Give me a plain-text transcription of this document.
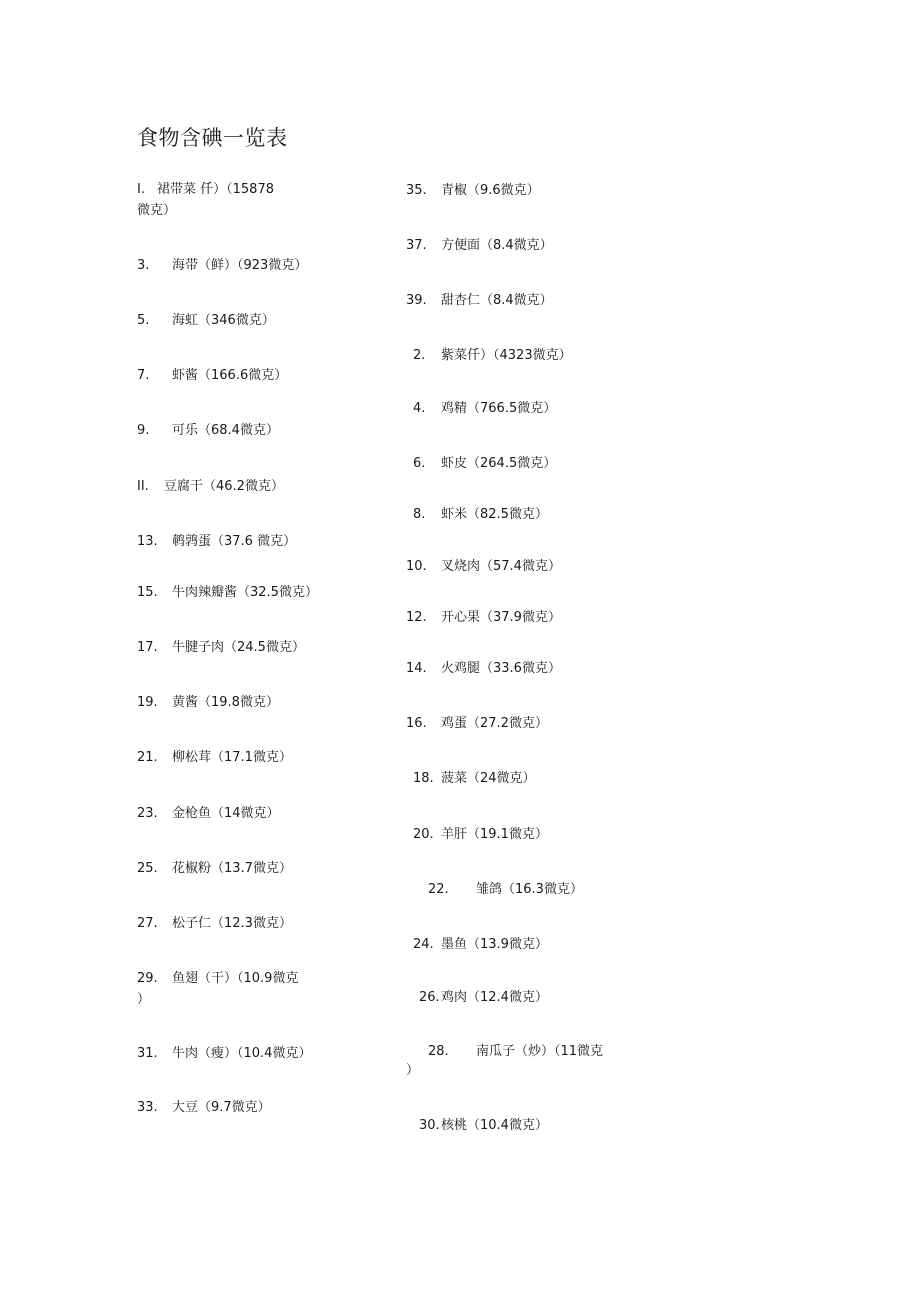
食物含碘一览表
I. 裙带菜 仟）（15878
微克）
3. 海带（鲜）（923微克）
5. 海虹（346微克）
7. 虾酱（166.6微克）
9. 可乐（68.4微克）
II. 豆腐干（46.2微克）
13. 鹌鹑蛋（37.6 微克）
15. 牛肉辣瓣酱（32.5微克）
17. 牛腱子肉（24.5微克）
19. 黄酱（19.8微克）
21. 柳松茸（17.1微克）
23. 金枪鱼（14微克）
25. 花椒粉（13.7微克）
27. 松子仁（12.3微克）
29. 鱼翅（干）（10.9微克
）
31. 牛肉（瘦）（10.4微克）
33. 大豆（9.7微克）
35. 青椒（9.6微克）
37. 方便面（8.4微克）
39. 甜杏仁（8.4微克）
2. 紫菜仟）（4323微克）
4. 鸡精（766.5微克）
6. 虾皮（264.5微克）
8. 虾米（82.5微克）
10. 叉烧肉（57.4微克）
12. 开心果（37.9微克）
14. 火鸡腿（33.6微克）
16. 鸡蛋（27.2微克）
18. 菠菜（24微克）
20. 羊肝（19.1微克）
22. 雏鸽（16.3微克）
24. 墨鱼（13.9微克）
26.鸡肉（12.4微克）
28. 南瓜子（炒）（11微克
）
30.核桃（10.4微克）
